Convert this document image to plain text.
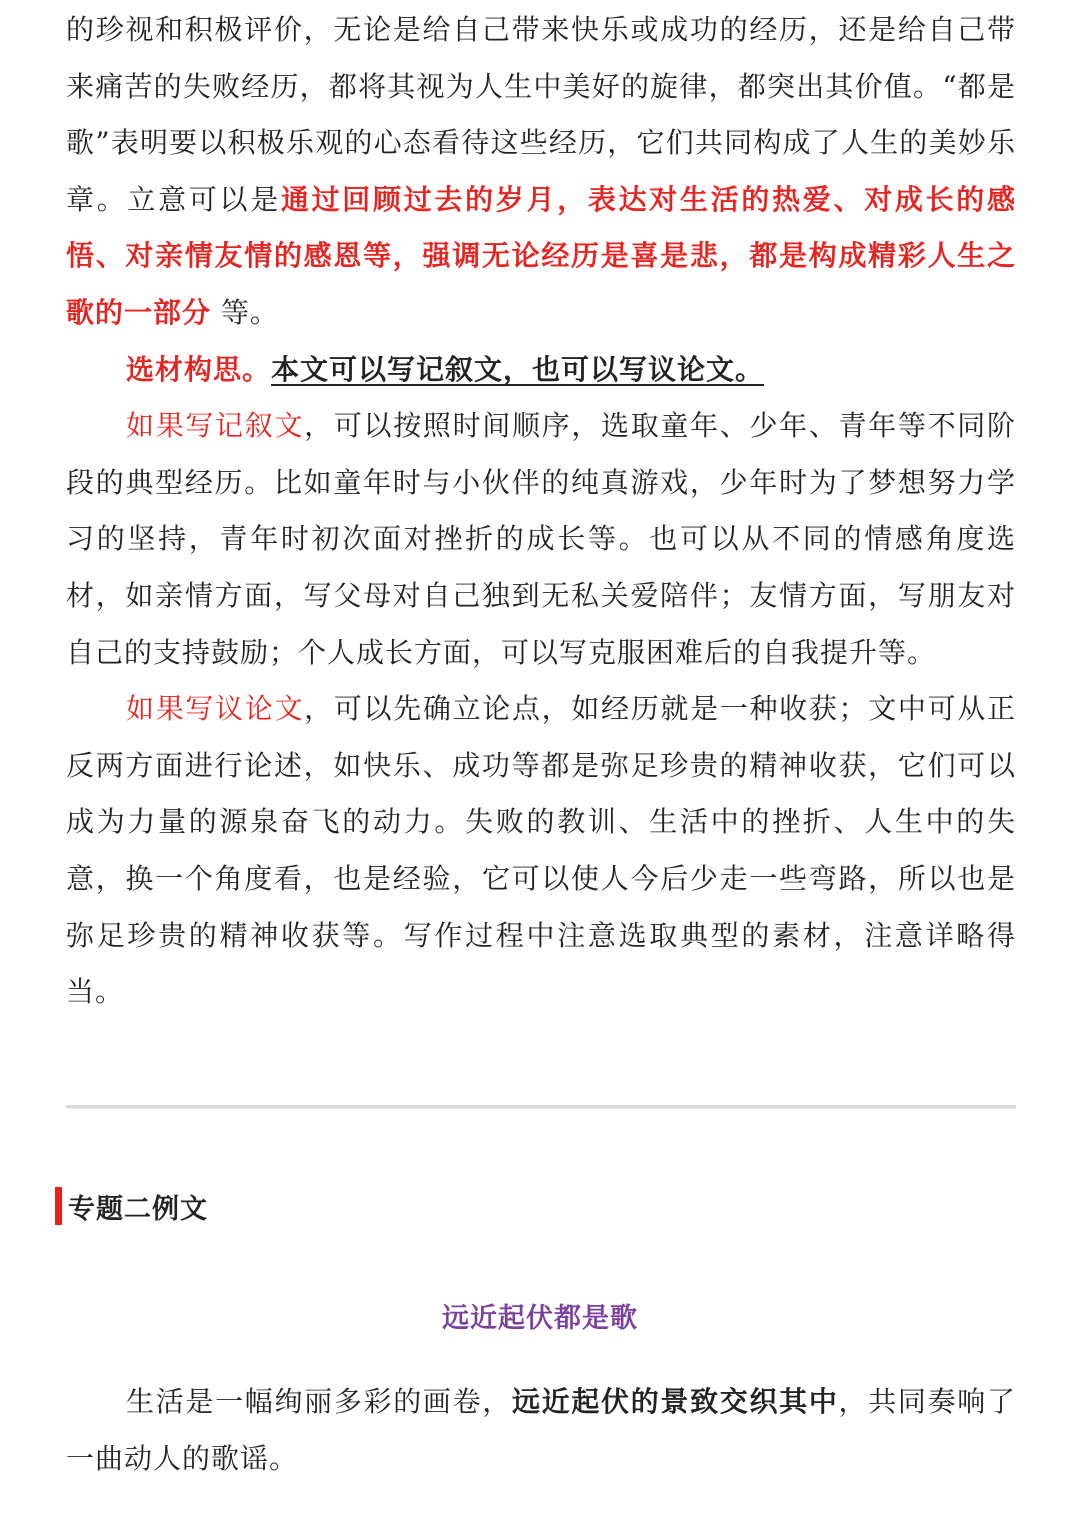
的珍视和积极评价，无论是给自己带来快乐或成功的经历，还是给自己带来痛苦的失败经历，都将其视为人生中美好的旋律，都突出其价值。“都是歌”表明要以积极乐观的心态看待这些经历，它们共同构成了人生的美妙乐章。立意可以是通过回顾过去的岁月，表达对生活的热爱、对成长的感悟、对亲情友情的感恩等，强调无论经历是喜是悲，都是构成精彩人生之歌的一部分 等。

选材构思。本文可以写记叙文，也可以写议论文。

如果写记叙文，可以按照时间顺序，选取童年、少年、青年等不同阶段的典型经历。比如童年时与小伙伴的纯真游戏，少年时为了梦想努力学习的坚持，青年时初次面对挫折的成长等。也可以从不同的情感角度选材，如亲情方面，写父母对自己独到无私关爱陪伴；友情方面，写朋友对自己的支持鼓励；个人成长方面，可以写克服困难后的自我提升等。

如果写议论文，可以先确立论点，如经历就是一种收获；文中可从正反两方面进行论述，如快乐、成功等都是弥足珍贵的精神收获，它们可以成为力量的源泉奋飞的动力。失败的教训、生活中的挫折、人生中的失意，换一个角度看，也是经验，它可以使人今后少走一些弯路，所以也是弥足珍贵的精神收获等。写作过程中注意选取典型的素材，注意详略得当。

专题二例文
远近起伏都是歌

生活是一幅绚丽多彩的画卷，远近起伏的景致交织其中，共同奏响了一曲动人的歌谣。
